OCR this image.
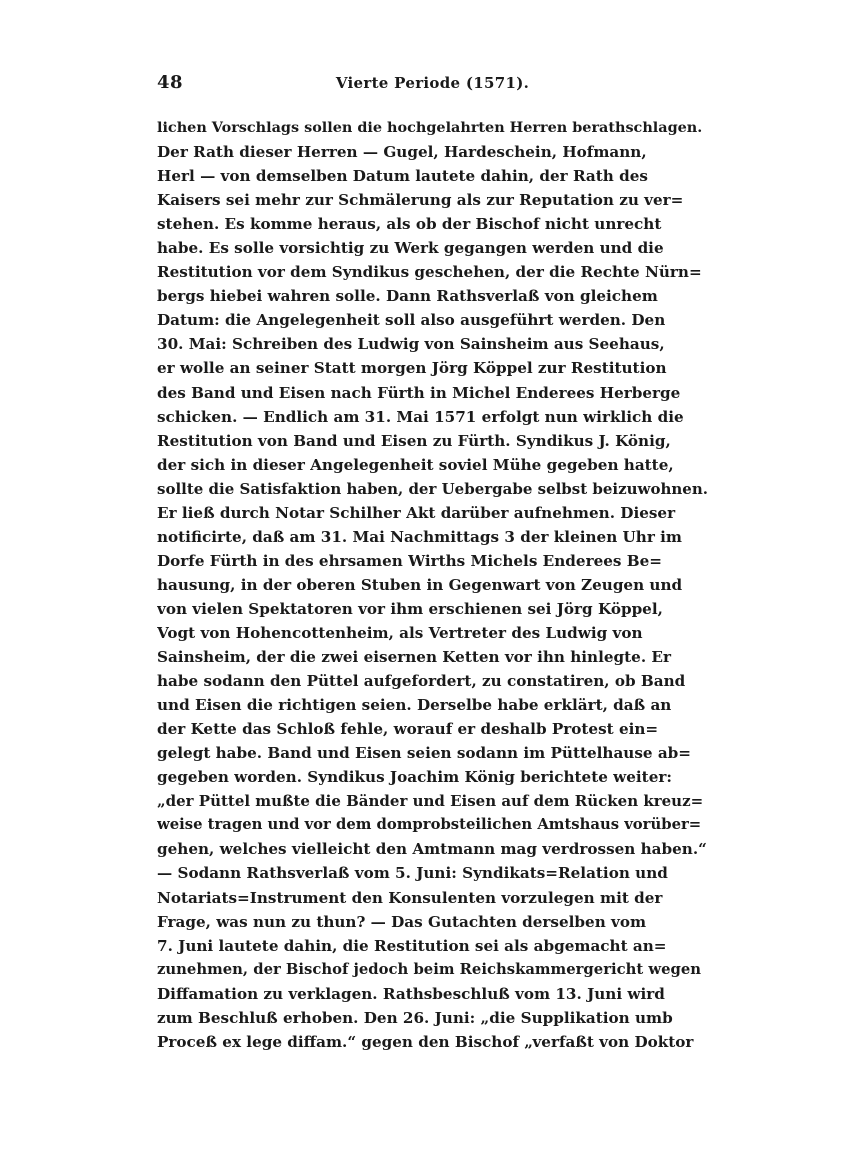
48	Vierte Periode (1571).
lichen Vorschlags sollen die hochgelahrten Herren berathschlagen.
Der Rath dieser Herren — Gugel, Hardeschein, Hofmann,
Herl — von demselben Datum lautete dahin, der Rath des
Kaisers sei mehr zur Schmälerung als zur Reputation zu ver=
stehen. Es komme heraus, als ob der Bischof nicht unrecht
habe. Es solle vorsichtig zu Werk gegangen werden und die
Restitution vor dem Syndikus geschehen, der die Rechte Nürn=
bergs hiebei wahren solle. Dann Rathsverlaß von gleichem
Datum: die Angelegenheit soll also ausgeführt werden. Den
30. Mai: Schreiben des Ludwig von Sainsheim aus Seehaus,
er wolle an seiner Statt morgen Jörg Köppel zur Restitution
des Band und Eisen nach Fürth in Michel Enderees Herberge
schicken. — Endlich am 31. Mai 1571 erfolgt nun wirklich die
Restitution von Band und Eisen zu Fürth. Syndikus J. König,
der sich in dieser Angelegenheit soviel Mühe gegeben hatte,
sollte die Satisfaktion haben, der Uebergabe selbst beizuwohnen.
Er ließ durch Notar Schilher Akt darüber aufnehmen. Dieser
notificirte, daß am 31. Mai Nachmittags 3 der kleinen Uhr im
Dorfe Fürth in des ehrsamen Wirths Michels Enderees Be=
hausung, in der oberen Stuben in Gegenwart von Zeugen und
von vielen Spektatoren vor ihm erschienen sei Jörg Köppel,
Vogt von Hohencottenheim, als Vertreter des Ludwig von
Sainsheim, der die zwei eisernen Ketten vor ihn hinlegte. Er
habe sodann den Püttel aufgefordert, zu constatiren, ob Band
und Eisen die richtigen seien. Derselbe habe erklärt, daß an
der Kette das Schloß fehle, worauf er deshalb Protest ein=
gelegt habe. Band und Eisen seien sodann im Püttelhause ab=
gegeben worden. Syndikus Joachim König berichtete weiter:
„der Püttel mußte die Bänder und Eisen auf dem Rücken kreuz=
weise tragen und vor dem domprobsteilichen Amtshaus vorüber=
gehen, welches vielleicht den Amtmann mag verdrossen haben.“
— Sodann Rathsverlaß vom 5. Juni: Syndikats=Relation und
Notariats=Instrument den Konsulenten vorzulegen mit der
Frage, was nun zu thun? — Das Gutachten derselben vom
7. Juni lautete dahin, die Restitution sei als abgemacht an=
zunehmen, der Bischof jedoch beim Reichskammergericht wegen
Diffamation zu verklagen. Rathsbeschluß vom 13. Juni wird
zum Beschluß erhoben. Den 26. Juni: „die Supplikation umb
Proceß ex lege diffam.“ gegen den Bischof „verfaßt von Doktor
